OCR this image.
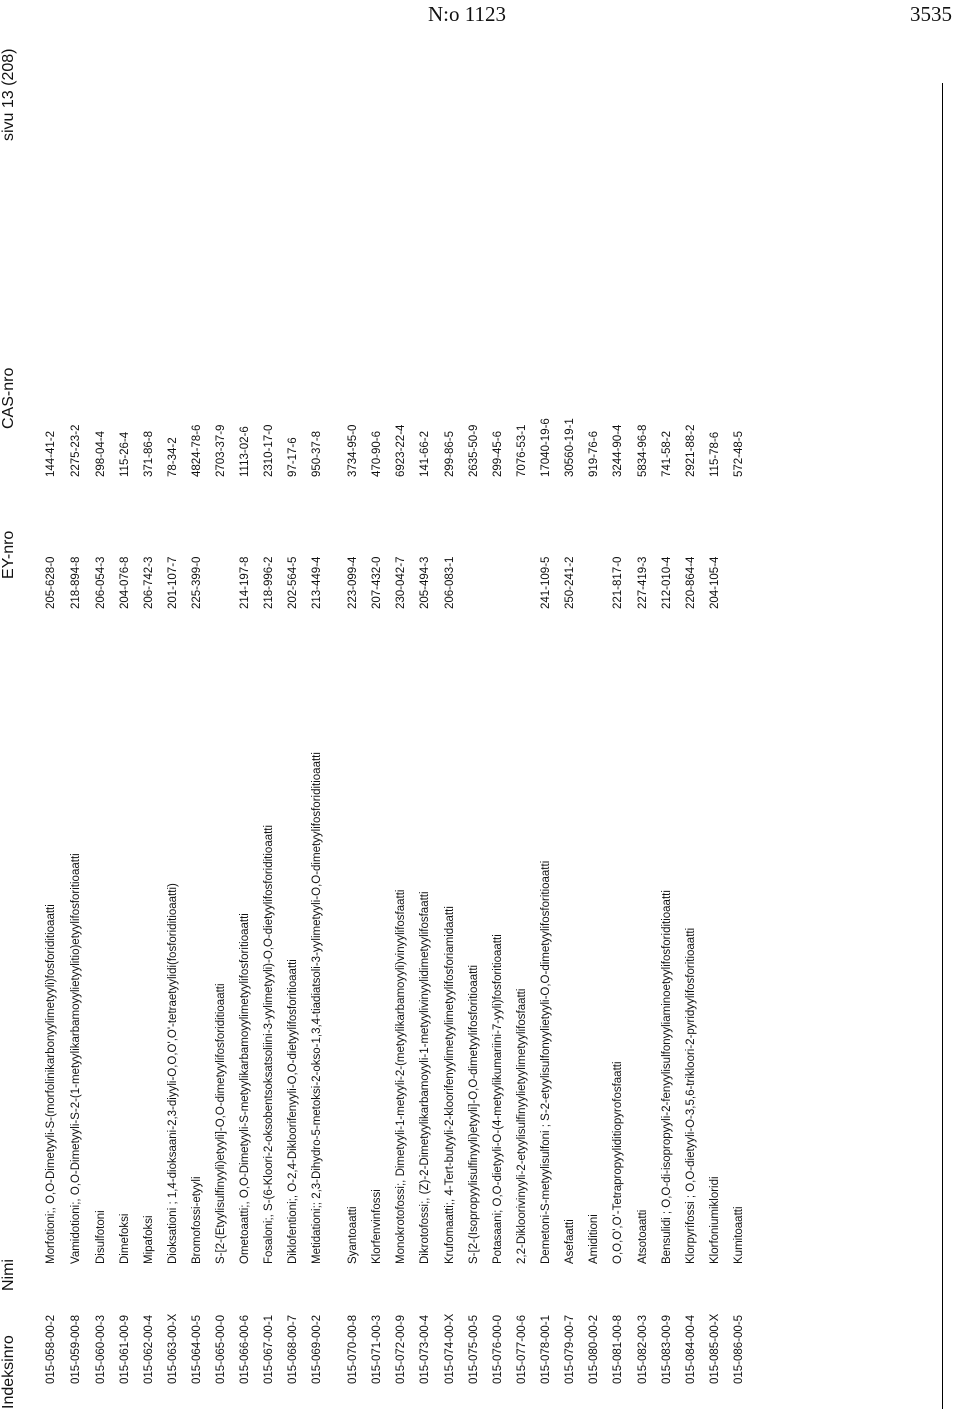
N:o 1123	3535
Indeksinro
Nimi
EY-nro
CAS-nro
sivu 13 (208)
015-058-00-2
Morfotioni;, O,O-Dimetyyli-S-(morfolinikarbonyylimetyyli)fosforiditioaatti
205-628-0
144-41-2
015-059-00-8
Vamidotioni;, O,O-Dimetyyli-S-2-(1-metyylikarbamoyylietyylitio)etyylifosforitioaatti
218-894-8
2275-23-2
015-060-00-3
Disulfotoni
206-054-3
298-04-4
015-061-00-9
Dimefoksi
204-076-8
115-26-4
015-062-00-4
Mipafoksi
206-742-3
371-86-8
015-063-00-X
Dioksationi ; 1,4-dioksaani-2,3-diyyli-O,O,O',O'-tetraetyylidi(fosforiditioaatti)
201-107-7
78-34-2
015-064-00-5
Bromofossi-etyyli
225-399-0
4824-78-6
015-065-00-0
S-[2-(Etyylisulfinyyli)etyyli]-O,O-dimetyylifosforiditioaatti
2703-37-9
015-066-00-6
Ometoaatti;, O,O-Dimetyyli-S-metyylikarbamoyylimetyylifosforitioaatti
214-197-8
1113-02-6
015-067-00-1
Fosaloni;, S-(6-Kloori-2-oksobentsoksatsoliini-3-yylimetyyli)-O,O-dietyylifosforiditioaatti
218-996-2
2310-17-0
015-068-00-7
Diklofentioni;, O-2,4-Dikloorifenyyli-O,O-dietyylifosforitioaatti
202-564-5
97-17-6
015-069-00-2
Metidationi;; 2,3-Dihydro-5-metoksi-2-okso-1,3,4-tiadiatsoli-3-yylimetyyli-O,O-dimetyylifosforiditioaatti
213-449-4
950-37-8
015-070-00-8
Syantoaatti
223-099-4
3734-95-0
015-071-00-3
Klorfenvinfossi
207-432-0
470-90-6
015-072-00-9
Monokrotofossi;, Dimetyyli-1-metyyli-2-(metyylikarbamoyyli)vinyylifosfaatti
230-042-7
6923-22-4
015-073-00-4
Dikrotofossi;, (Z)-2-Dimetyylikarbamoyyli-1-metyylivinyylidimetyylifosfaatti
205-494-3
141-66-2
015-074-00-X
Krufomaatti;, 4-Tert-butyyli-2-kloorifenyylimetyylimetyylifosforiamidaatti
206-083-1
299-86-5
015-075-00-5
S-[2-(Isopropyylisulfinyyli)etyyli]-O,O-dimetyylifosforitioaatti
2635-50-9
015-076-00-0
Potasaani; O,O-dietyyli-O-(4-metyylikumariini-7-yyli)fosforitioaatti
299-45-6
015-077-00-6
2,2-Dikloorivinyyli-2-etyylisulfinyylietyylimetyylifosfaatti
7076-53-1
015-078-00-1
Demetoni-S-metyylisulfoni ; S-2-etyylisulfonyylietyyli-O,O-dimetyylifosforitioaatti
241-109-5
17040-19-6
015-079-00-7
Asefaatti
250-241-2
30560-19-1
015-080-00-2
Amiditioni
919-76-6
015-081-00-8
O,O,O',O'-Tetrapropyyliditiopyrofosfaatti
221-817-0
3244-90-4
015-082-00-3
Atsotoaatti
227-419-3
5834-96-8
015-083-00-9
Bensulidi ; O,O-di-isopropyyli-2-fenyylisulfonyyliaminoetyylifosforiditioaatti
212-010-4
741-58-2
015-084-00-4
Klorpyrifossi ; O,O-dietyyli-O-3,5,6-trikloori-2-pyridyylifosforitioaatti
220-864-4
2921-88-2
015-085-00-X
Klorfoniumikloridi
204-105-4
115-78-6
015-086-00-5
Kumitoaatti
572-48-5
